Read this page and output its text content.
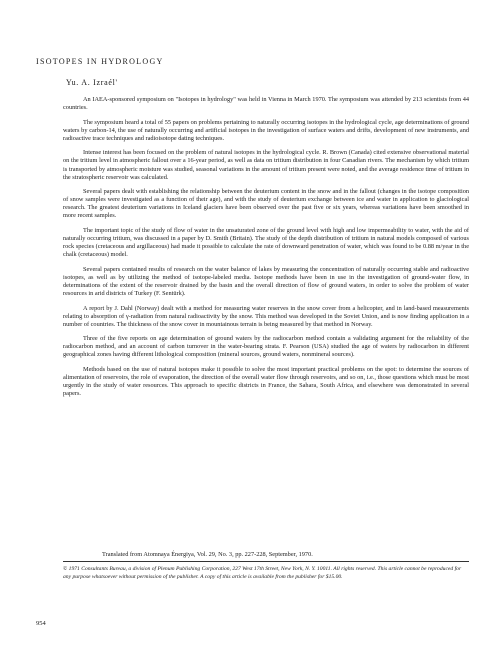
ISOTOPES IN HYDROLOGY

Yu. A. Izraél'

An IAEA-sponsored symposium on "Isotopes in hydrology" was held in Vienna in March 1970. The symposium was attended by 213 scientists from 44 countries.

The symposium heard a total of 55 papers on problems pertaining to naturally occurring isotopes in the hydrological cycle, age determinations of ground waters by carbon-14, the use of naturally occurring and artificial isotopes in the investigation of surface waters and drifts, development of new instruments, and radioactive trace techniques and radioisotope dating techniques.

Intense interest has been focused on the problem of natural isotopes in the hydrological cycle. R. Brown (Canada) cited extensive observational material on the tritium level in atmospheric fallout over a 16-year period, as well as data on tritium distribution in four Canadian rivers. The mechanism by which tritium is transported by atmospheric moisture was studied, seasonal variations in the amount of tritium present were noted, and the average residence time of tritium in the stratospheric reservoir was calculated.

Several papers dealt with establishing the relationship between the deuterium content in the snow and in the fallout (changes in the isotope composition of snow samples were investigated as a function of their age), and with the study of deuterium exchange between ice and water in application to glaciological research. The greatest deuterium variations in Iceland glaciers have been observed over the past five or six years, whereas variations have been smoothed in more recent samples.

The important topic of the study of flow of water in the unsaturated zone of the ground level with high and low impermeability to water, with the aid of naturally occurring tritium, was discussed in a paper by D. Smith (Britain). The study of the depth distribution of tritium in natural models composed of various rock species (cretaceous and argillaceous) had made it possible to calculate the rate of downward penetration of water, which was found to be 0.88 m/year in the chalk (cretaceous) model.

Several papers contained results of research on the water balance of lakes by measuring the concentration of naturally occurring stable and radioactive isotopes, as well as by utilizing the method of isotope-labeled media. Isotope methods have been in use in the investigation of ground-water flow, in determinations of the extent of the reservoir drained by the basin and the overall direction of flow of ground waters, in order to solve the problem of water resources in arid districts of Turkey (F. Sentürk).

A report by J. Dahl (Norway) dealt with a method for measuring water reserves in the snow cover from a helicopter, and in land-based measurements relating to absorption of γ-radiation from natural radioactivity by the snow. This method was developed in the Soviet Union, and is now finding application in a number of countries. The thickness of the snow cover in mountainous terrain is being measured by that method in Norway.

Three of the five reports on age determination of ground waters by the radiocarbon method contain a validating argument for the reliability of the radiocarbon method, and an account of carbon turnover in the water-bearing strata. F. Pearson (USA) studied the age of waters by radiocarbon in different geographical zones having different lithological composition (mineral sources, ground waters, nonmineral sources).

Methods based on the use of natural isotopes make it possible to solve the most important practical problems on the spot: to determine the sources of alimentation of reservoirs, the role of evaporation, the direction of the overall water flow through reservoirs, and so on, i.e., those questions which must be most urgently in the study of water resources. This approach to specific districts in France, the Sahara, South Africa, and elsewhere was demonstrated in several papers.

Translated from Atomnaya Énergiya, Vol. 29, No. 3, pp. 227-228, September, 1970.

© 1971 Consultants Bureau, a division of Plenum Publishing Corporation, 227 West 17th Street, New York, N. Y. 10011. All rights reserved. This article cannot be reproduced for any purpose whatsoever without permission of the publisher. A copy of this article is available from the publisher for $15.00.

954
